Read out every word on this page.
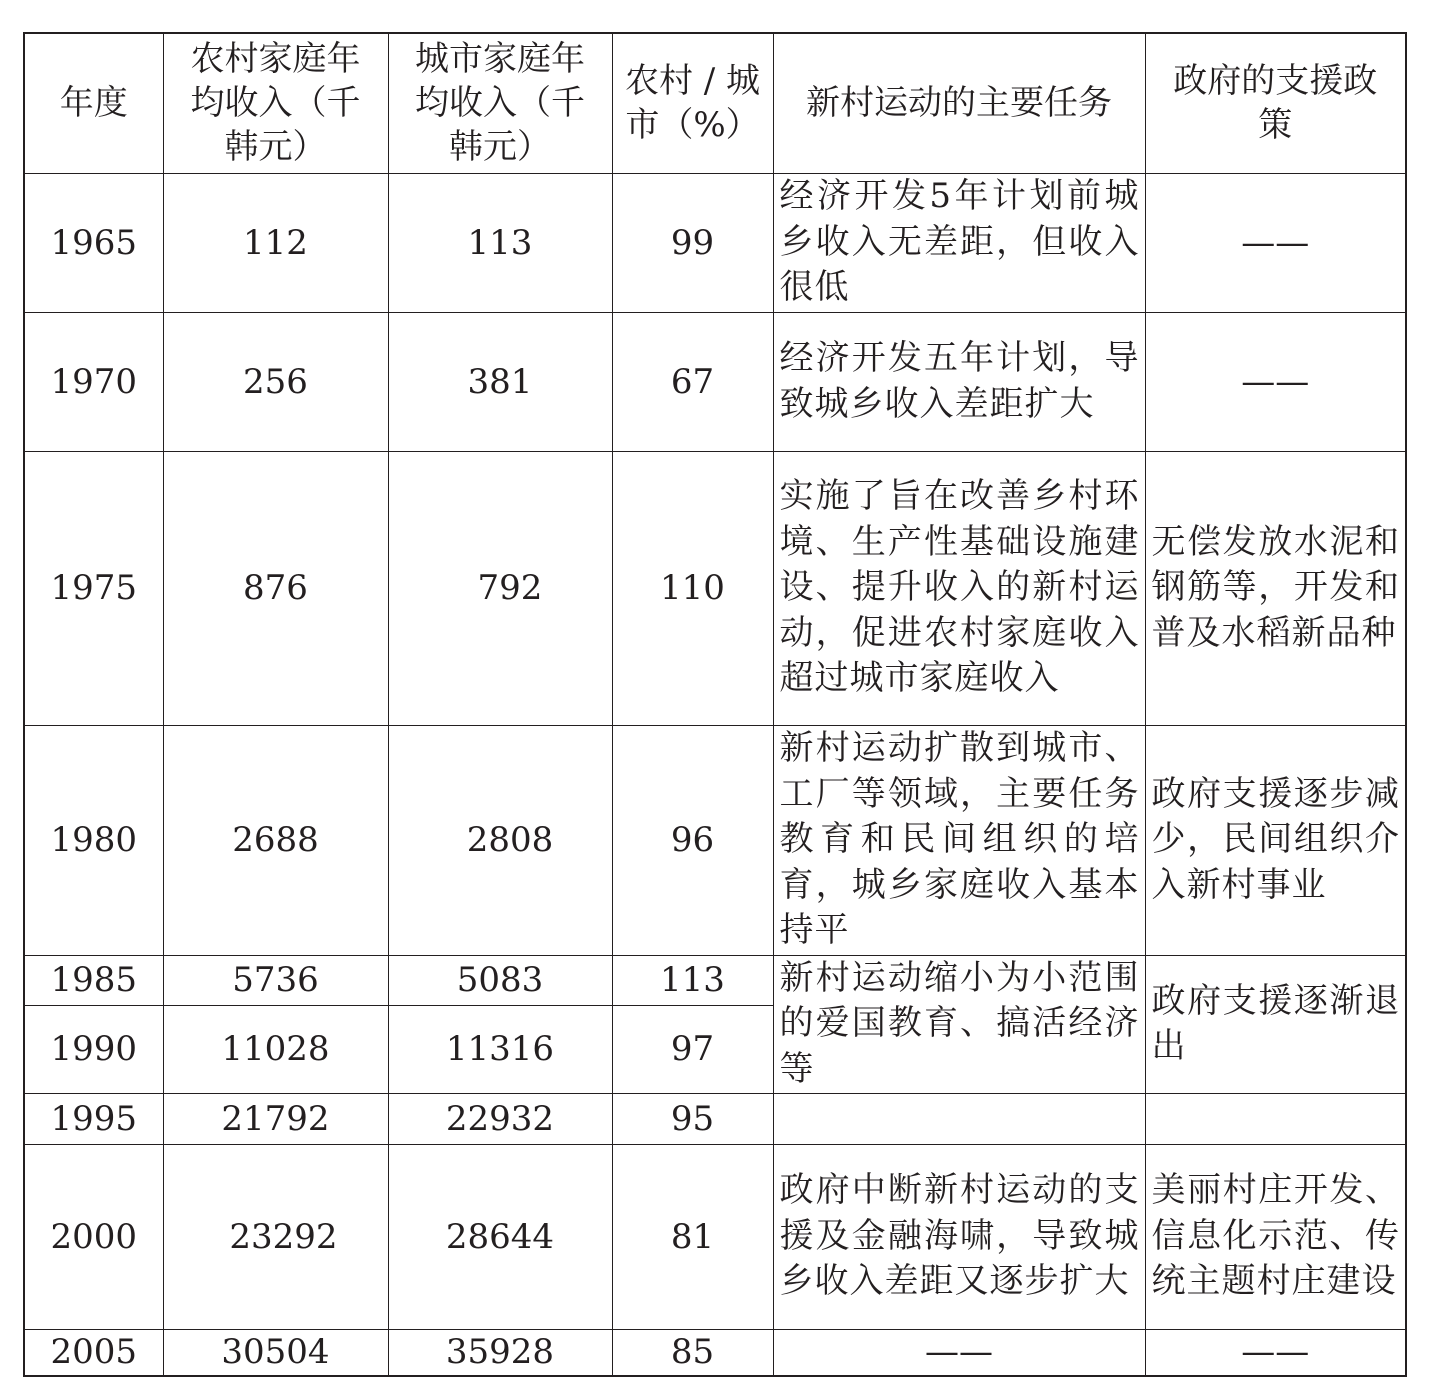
年度	农村家庭年均收入（千韩元）	城市家庭年均收入（千韩元）	农村 / 城市（%）	新村运动的主要任务	政府的支援政策
1965	112	113	99	经济开发5年计划前城乡收入无差距，但收入很低	——
1970	256	381	67	经济开发五年计划，导致城乡收入差距扩大	——
1975	876	792	110	实施了旨在改善乡村环境、生产性基础设施建设、提升收入的新村运动，促进农村家庭收入超过城市家庭收入	无偿发放水泥和钢筋等，开发和普及水稻新品种
1980	2688	2808	96	新村运动扩散到城市、工厂等领域，主要任务教育和民间组织的培育，城乡家庭收入基本持平	政府支援逐步减少，民间组织介入新村事业
1985	5736	5083	113	新村运动缩小为小范围的爱国教育、搞活经济等	政府支援逐渐退出
1990	11028	11316	97		
1995	21792	22932	95		
2000	23292	28644	81	政府中断新村运动的支援及金融海啸，导致城乡收入差距又逐步扩大	美丽村庄开发、信息化示范、传统主题村庄建设
2005	30504	35928	85	——	——
